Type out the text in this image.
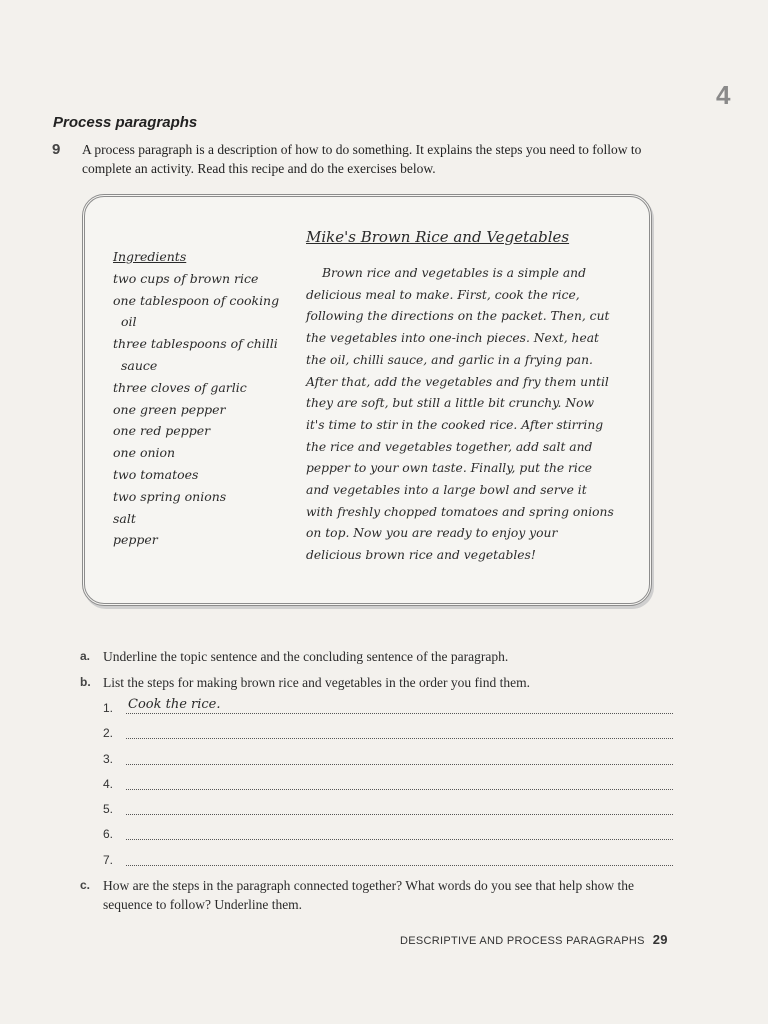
4
Process paragraphs
9 A process paragraph is a description of how to do something. It explains the steps you need to follow to complete an activity. Read this recipe and do the exercises below.
Ingredients
two cups of brown rice
one tablespoon of cooking
oil
three tablespoons of chilli
sauce
three cloves of garlic
one green pepper
one red pepper
one onion
two tomatoes
two spring onions
salt
pepper
Mike's Brown Rice and Vegetables
Brown rice and vegetables is a simple and delicious meal to make. First, cook the rice, following the directions on the packet. Then, cut the vegetables into one-inch pieces. Next, heat the oil, chilli sauce, and garlic in a frying pan. After that, add the vegetables and fry them until they are soft, but still a little bit crunchy. Now it's time to stir in the cooked rice. After stirring the rice and vegetables together, add salt and pepper to your own taste. Finally, put the rice and vegetables into a large bowl and serve it with freshly chopped tomatoes and spring onions on top. Now you are ready to enjoy your delicious brown rice and vegetables!
a. Underline the topic sentence and the concluding sentence of the paragraph.
b. List the steps for making brown rice and vegetables in the order you find them.
c. How are the steps in the paragraph connected together? What words do you see that help show the sequence to follow? Underline them.
1. Cook the rice.
2.
3.
4.
5.
6.
7.
DESCRIPTIVE AND PROCESS PARAGRAPHS 29
